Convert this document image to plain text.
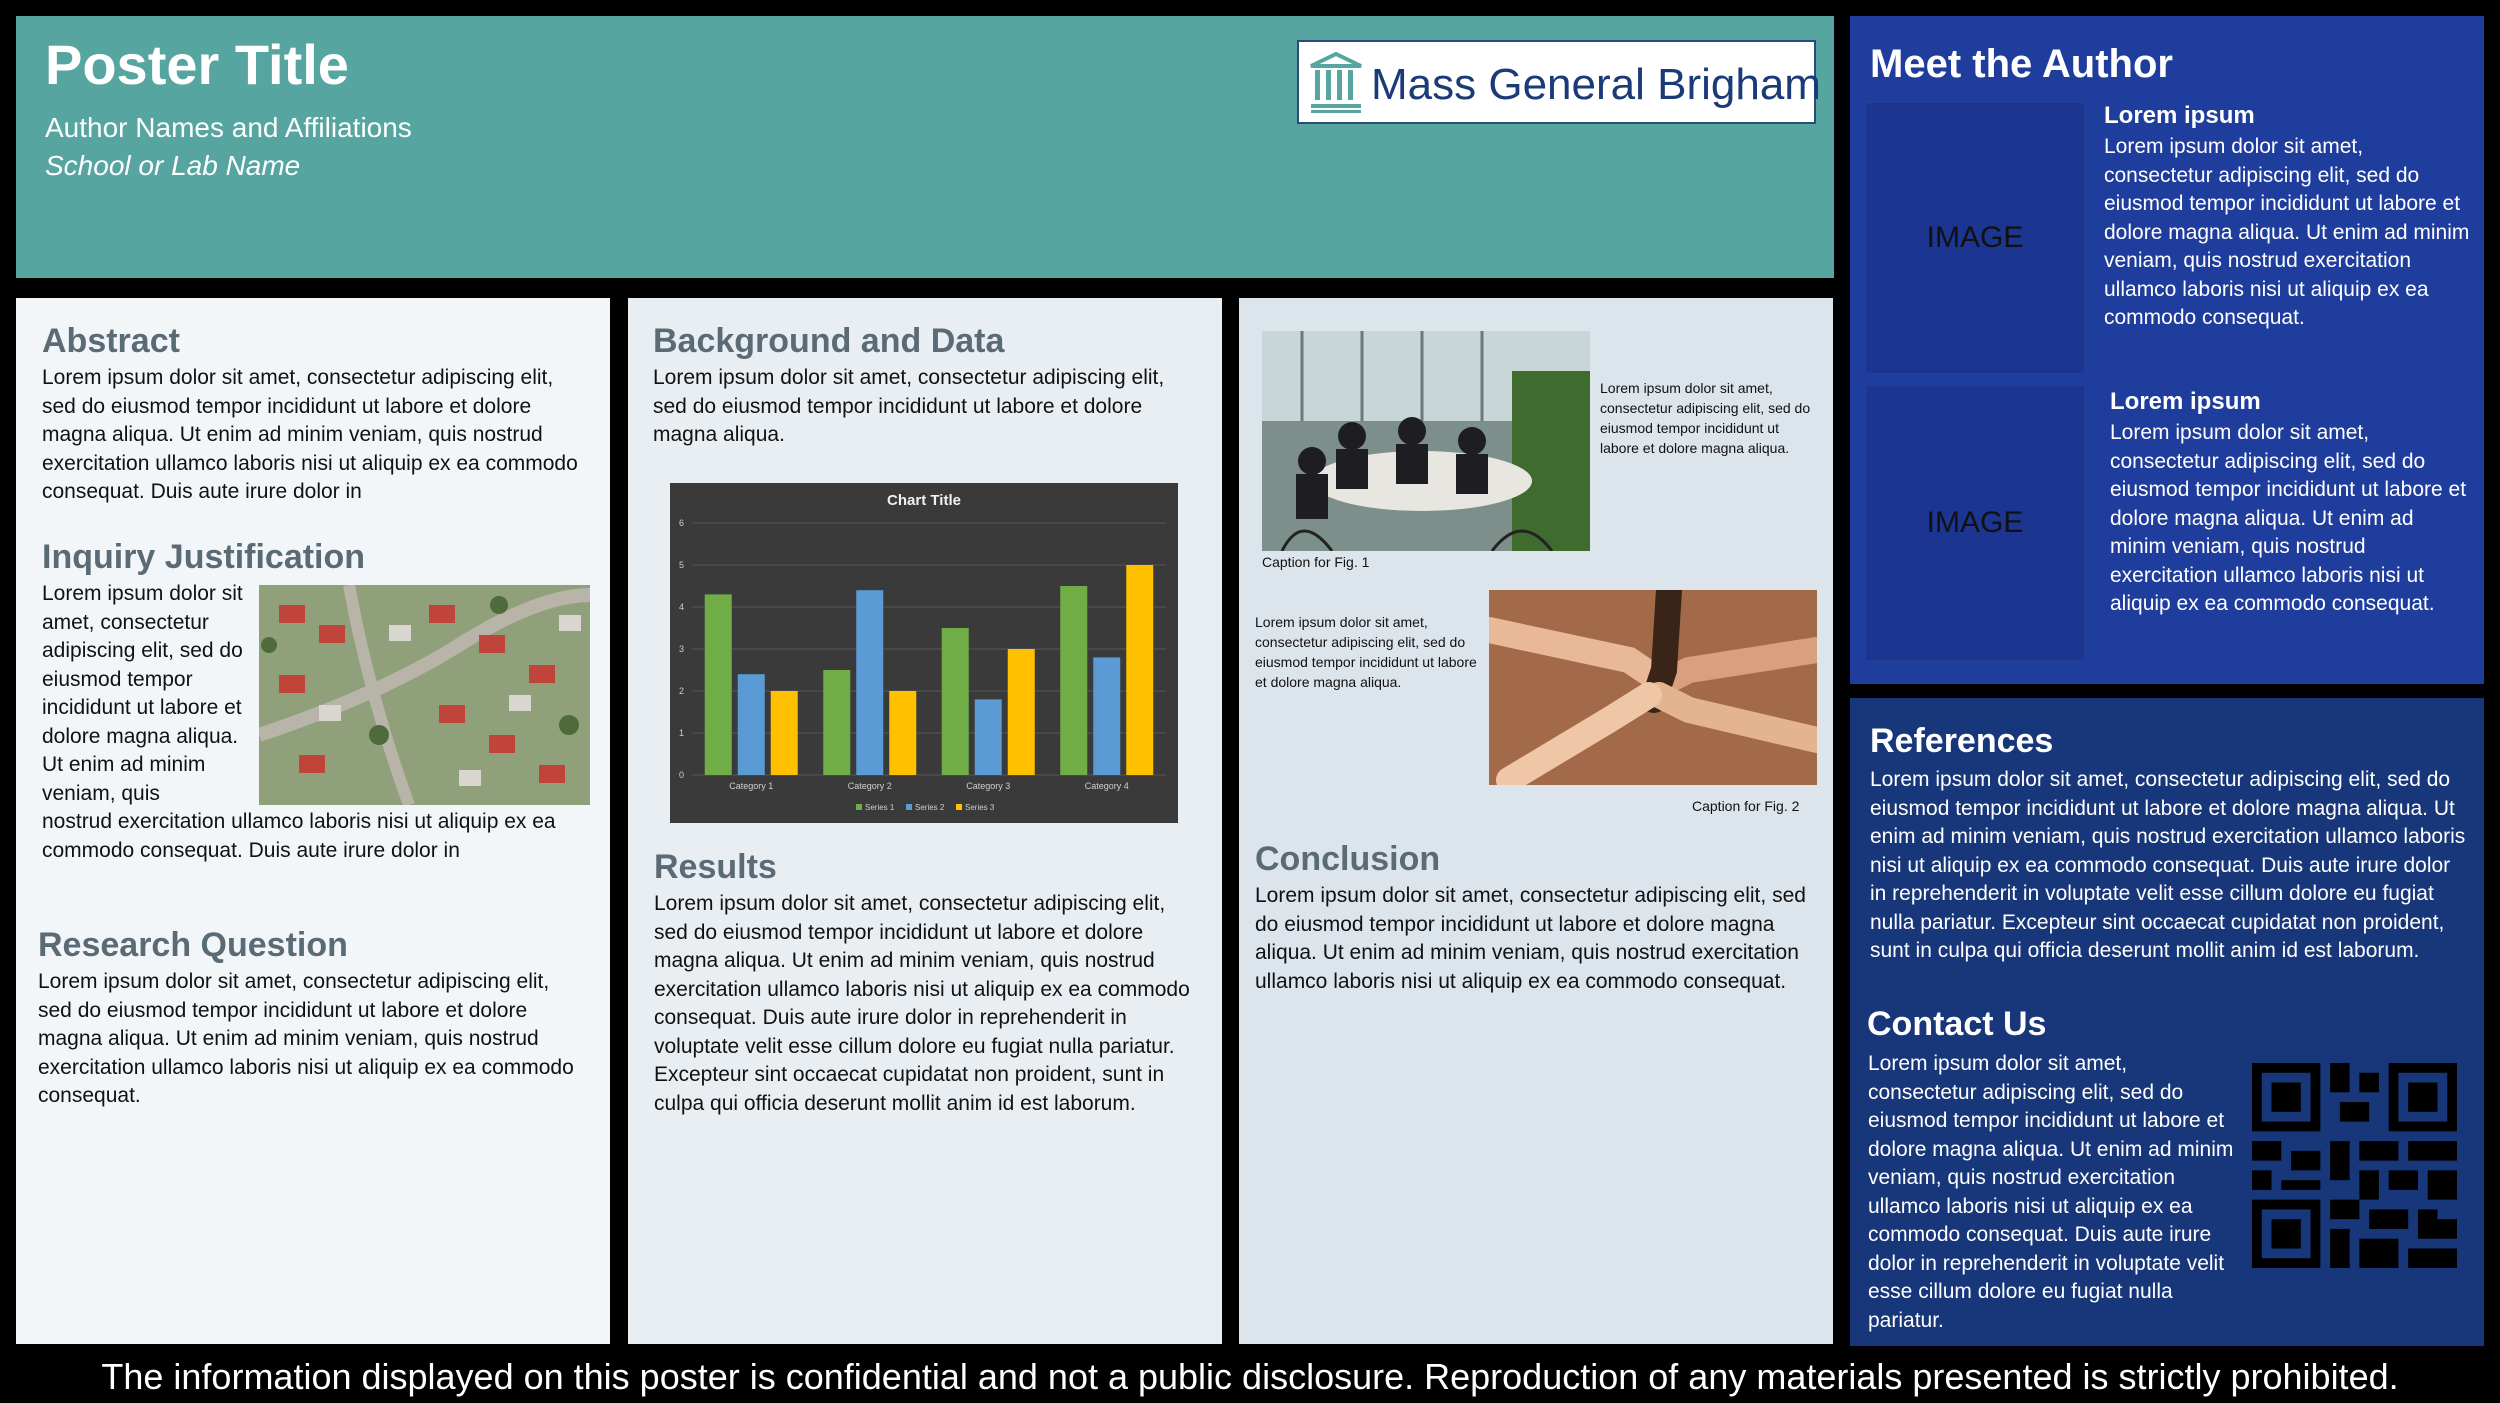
Poster Title
Author Names and Affiliations
School or Lab Name
Mass General Brigham
Abstract
Lorem ipsum dolor sit amet, consectetur adipiscing elit, sed do eiusmod tempor incididunt ut labore et dolore magna aliqua. Ut enim ad minim veniam, quis nostrud exercitation ullamco laboris nisi ut aliquip ex ea commodo consequat. Duis aute irure dolor in
Inquiry Justification
Lorem ipsum dolor sit amet, consectetur adipiscing elit, sed do eiusmod tempor incididunt ut labore et dolore magna aliqua. Ut enim ad minim veniam, quis
nostrud exercitation ullamco laboris nisi ut aliquip ex ea commodo consequat. Duis aute irure dolor in
Research Question
Lorem ipsum dolor sit amet, consectetur adipiscing elit, sed do eiusmod tempor incididunt ut labore et dolore magna aliqua. Ut enim ad minim veniam, quis nostrud exercitation ullamco laboris nisi ut aliquip ex ea commodo consequat.
Background and Data
Lorem ipsum dolor sit amet, consectetur adipiscing elit, sed do eiusmod tempor incididunt ut labore et dolore magna aliqua.
Chart Title
0
1
2
3
4
5
6
Category 1	Category 2	Category 3	Category 4
Series 1	Series 2	Series 3
Results
Lorem ipsum dolor sit amet, consectetur adipiscing elit, sed do eiusmod tempor incididunt ut labore et dolore magna aliqua. Ut enim ad minim veniam, quis nostrud exercitation ullamco laboris nisi ut aliquip ex ea commodo consequat. Duis aute irure dolor in reprehenderit in voluptate velit esse cillum dolore eu fugiat nulla pariatur. Excepteur sint occaecat cupidatat non proident, sunt in culpa qui officia deserunt mollit anim id est laborum.
Lorem ipsum dolor sit amet, consectetur adipiscing elit, sed do eiusmod tempor incididunt ut labore et dolore magna aliqua.
Caption for Fig. 1
Lorem ipsum dolor sit amet, consectetur adipiscing elit, sed do eiusmod tempor incididunt ut labore et dolore magna aliqua.
Caption for Fig. 2
Conclusion
Lorem ipsum dolor sit amet, consectetur adipiscing elit, sed do eiusmod tempor incididunt ut labore et dolore magna aliqua. Ut enim ad minim veniam, quis nostrud exercitation ullamco laboris nisi ut aliquip ex ea commodo consequat.
Meet the Author
IMAGE
Lorem ipsum
Lorem ipsum dolor sit amet, consectetur adipiscing elit, sed do eiusmod tempor incididunt ut labore et dolore magna aliqua. Ut enim ad minim veniam, quis nostrud exercitation ullamco laboris nisi ut aliquip ex ea commodo consequat.
IMAGE
Lorem ipsum
Lorem ipsum dolor sit amet, consectetur adipiscing elit, sed do eiusmod tempor incididunt ut labore et dolore magna aliqua. Ut enim ad minim veniam, quis nostrud exercitation ullamco laboris nisi ut aliquip ex ea commodo consequat.
References
Lorem ipsum dolor sit amet, consectetur adipiscing elit, sed do eiusmod tempor incididunt ut labore et dolore magna aliqua. Ut enim ad minim veniam, quis nostrud exercitation ullamco laboris nisi ut aliquip ex ea commodo consequat. Duis aute irure dolor in reprehenderit in voluptate velit esse cillum dolore eu fugiat nulla pariatur. Excepteur sint occaecat cupidatat non proident, sunt in culpa qui officia deserunt mollit anim id est laborum.
Contact Us
Lorem ipsum dolor sit amet, consectetur adipiscing elit, sed do eiusmod tempor incididunt ut labore et dolore magna aliqua. Ut enim ad minim veniam, quis nostrud exercitation ullamco laboris nisi ut aliquip ex ea commodo consequat. Duis aute irure dolor in reprehenderit in voluptate velit esse cillum dolore eu fugiat nulla pariatur.
The information displayed on this poster is confidential and not a public disclosure. Reproduction of any materials presented is strictly prohibited.
